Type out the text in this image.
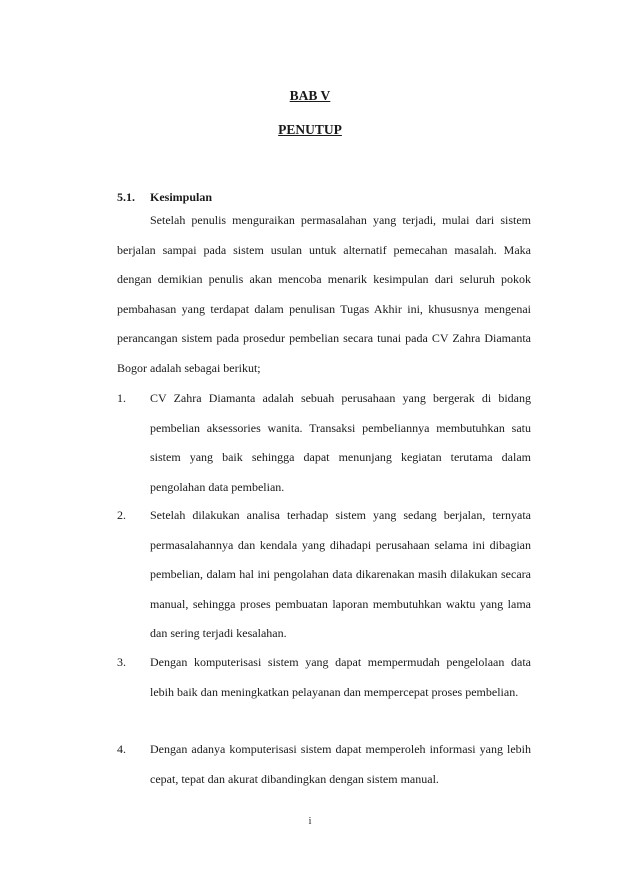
BAB V
PENUTUP
5.1. Kesimpulan
Setelah penulis menguraikan permasalahan yang terjadi, mulai dari sistem berjalan sampai pada sistem usulan untuk alternatif pemecahan masalah. Maka dengan demikian penulis akan mencoba menarik kesimpulan dari seluruh pokok pembahasan yang terdapat dalam penulisan Tugas Akhir ini, khususnya mengenai perancangan sistem pada prosedur pembelian secara tunai pada CV Zahra Diamanta Bogor adalah sebagai berikut;
1. CV Zahra Diamanta adalah sebuah perusahaan yang bergerak di bidang pembelian aksessories wanita. Transaksi pembeliannya membutuhkan satu sistem yang baik sehingga dapat menunjang kegiatan terutama dalam pengolahan data pembelian.
2. Setelah dilakukan analisa terhadap sistem yang sedang berjalan, ternyata permasalahannya dan kendala yang dihadapi perusahaan selama ini dibagian pembelian, dalam hal ini pengolahan data dikarenakan masih dilakukan secara manual, sehingga proses pembuatan laporan membutuhkan waktu yang lama dan sering terjadi kesalahan.
3. Dengan komputerisasi sistem yang dapat mempermudah pengelolaan data lebih baik dan meningkatkan pelayanan dan mempercepat proses pembelian.
4. Dengan adanya komputerisasi sistem dapat memperoleh informasi yang lebih cepat, tepat dan akurat dibandingkan dengan sistem manual.
i
